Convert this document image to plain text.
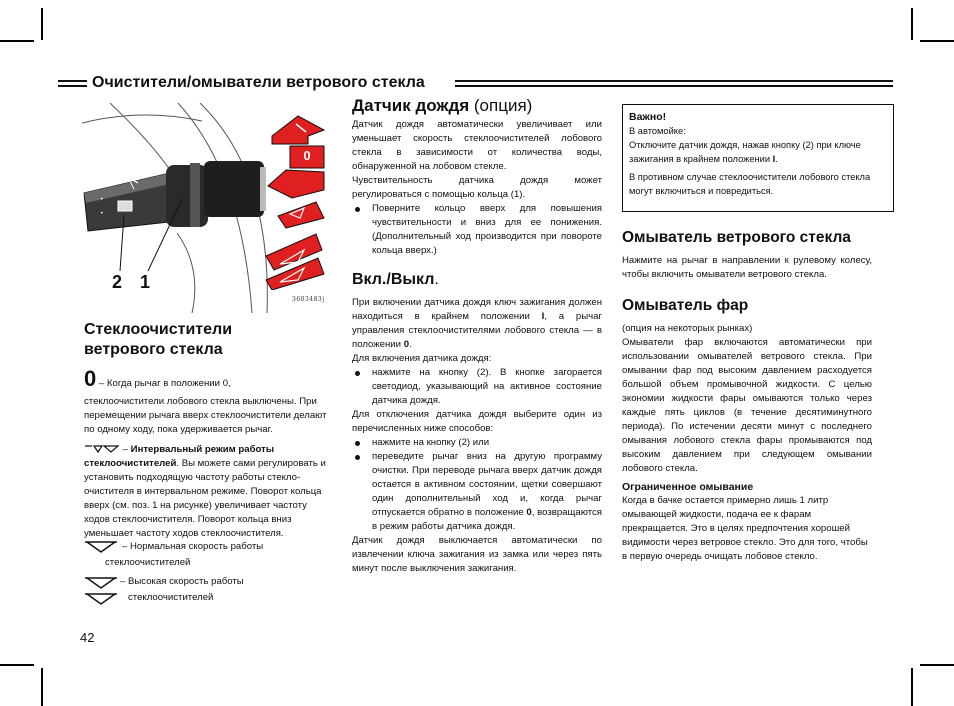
Очистители/омыватели ветрового стекла
•
•
2 1
3603483j
0
Стеклоочистители
ветрового стекла

0 – Когда рычаг в положении 0,

стеклоочистители лобового стекла выключены. При перемещении рычага вверх стеклоочистители делают по одному ходу, пока удерживается рычаг.

– Интервальный режим работы стеклоочистителей. Вы можете сами регулировать и установить подходящую частоту работы стекло-очистителя в интервальном режиме. Поворот кольца вверх (см. поз. 1 на рисунке) увеличивает частоту ходов стеклоочистителя. Поворот кольца вниз уменьшает частоту ходов стеклоочистителя.

– Нормальная скорость работы
стеклоочистителей
– Высокая скорость работы
стеклоочистителей
Датчик дождя (опция)

Датчик дождя автоматически увеличивает или уменьшает скорость стеклоочистителей лобового стекла в зависимости от количества воды, обнаруженной на лобовом стекле.

Чувствительность датчика дождя может регулироваться с помощью кольца (1).

Поверните кольцо вверх для повышения чувствительности и вниз для ее понижения. (Дополнительный ход производится при повороте кольца вверх.)

Вкл./Выкл.

При включении датчика дождя ключ зажигания должен находиться в крайнем положении I, а рычаг управления стеклоочистителями лобового стекла — в положении 0.

Для включения датчика дождя:

нажмите на кнопку (2). В кнопке загорается светодиод, указывающий на активное состояние датчика дождя.

Для отключения датчика дождя выберите один из перечисленных ниже способов:

нажмите на кнопку (2) или

переведите рычаг вниз на другую программу очистки. При переводе рычага вверх датчик дождя остается в активном состоянии, щетки совершают один дополнительный ход и, когда рычаг отпускается обратно в положение 0, возвращаются в режим работы датчика дождя.

Датчик дождя выключается автоматически по извлечении ключа зажигания из замка или через пять минут после выключения зажигания.

Важно!
В автомойке:
Отключите датчик дождя, нажав кнопку (2) при ключе зажигания в крайнем положении I.
В противном случае стеклоочистители лобового стекла могут включиться и повредиться.
Омыватель ветрового стекла

Нажмите на рычаг в направлении к рулевому колесу, чтобы включить омыватели ветрового стекла.

Омыватель фар

(опция на некоторых рынках)

Омыватели фар включаются автоматически при использовании омывателей ветрового стекла. При омывании фар под высоким давлением расходуется большой объем промывочной жидкости. С целью экономии жидкости фары омываются только через каждые пять циклов (в течение десятиминутного периода). По истечении десяти минут с последнего омывания лобового стекла фары промываются под высоким давлением при следующем омывании лобового стекла.

Ограниченное омывание

Когда в бачке остается примерно лишь 1 литр омывающей жидкости, подача ее к фарам прекращается. Это в целях предпочтения хорошей видимости через ветровое стекло. Это для того, чтобы в первую очередь очищать лобовое стекло.

42
